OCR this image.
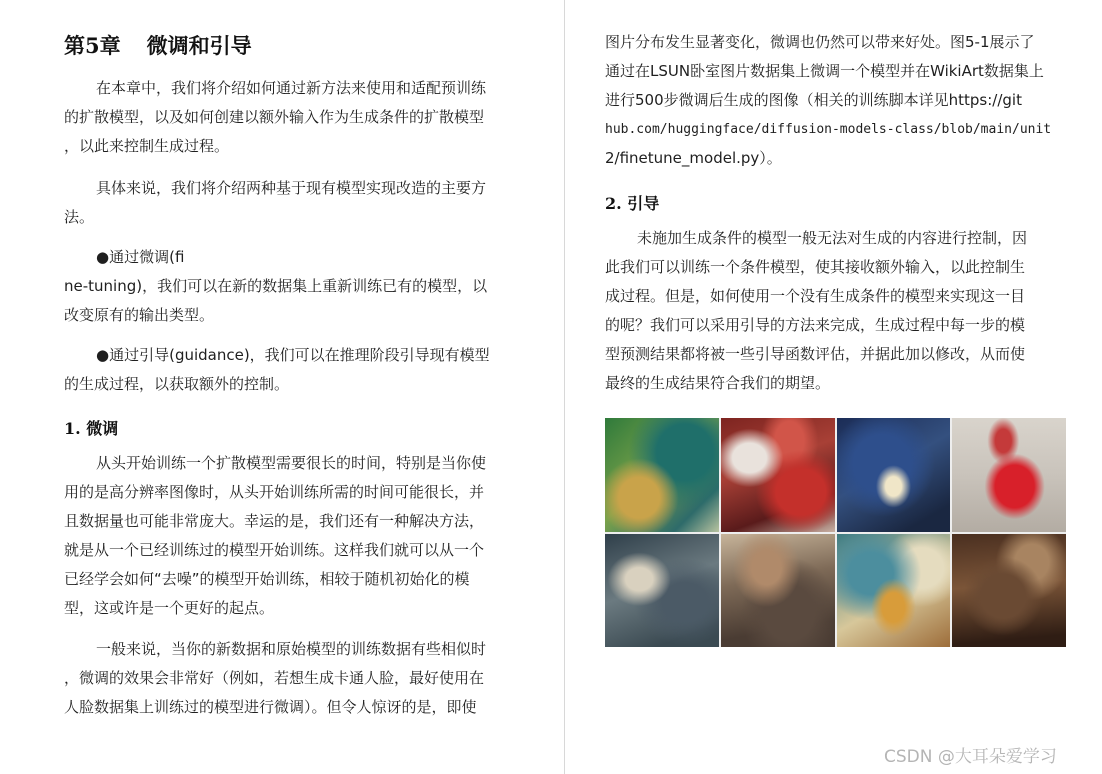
第5章 微调和引导
在本章中，我们将介绍如何通过新方法来使用和适配预训练
的扩散模型，以及如何创建以额外输入作为生成条件的扩散模型
，以此来控制生成过程。
具体来说，我们将介绍两种基于现有模型实现改造的主要方
法。
●通过微调(fi
ne-tuning)，我们可以在新的数据集上重新训练已有的模型，以
改变原有的输出类型。
●通过引导(guidance)，我们可以在推理阶段引导现有模型
的生成过程，以获取额外的控制。
1. 微调
从头开始训练一个扩散模型需要很长的时间，特别是当你使
用的是高分辨率图像时，从头开始训练所需的时间可能很长，并
且数据量也可能非常庞大。幸运的是，我们还有一种解决方法，
就是从一个已经训练过的模型开始训练。这样我们就可以从一个
已经学会如何“去噪”的模型开始训练，相较于随机初始化的模
型，这或许是一个更好的起点。
一般来说，当你的新数据和原始模型的训练数据有些相似时
，微调的效果会非常好（例如，若想生成卡通人脸，最好使用在
人脸数据集上训练过的模型进行微调）。但令人惊讶的是，即使
图片分布发生显著变化，微调也仍然可以带来好处。图5-1展示了
通过在LSUN卧室图片数据集上微调一个模型并在WikiArt数据集上
进行500步微调后生成的图像（相关的训练脚本详见https://git
hub.com/huggingface/diffusion-models-class/blob/main/unit
2/finetune_model.py）。
2. 引导
未施加生成条件的模型一般无法对生成的内容进行控制，因
此我们可以训练一个条件模型，使其接收额外输入，以此控制生
成过程。但是，如何使用一个没有生成条件的模型来实现这一目
的呢？我们可以采用引导的方法来完成，生成过程中每一步的模
型预测结果都将被一些引导函数评估，并据此加以修改，从而使
最终的生成结果符合我们的期望。
CSDN @大耳朵爱学习
